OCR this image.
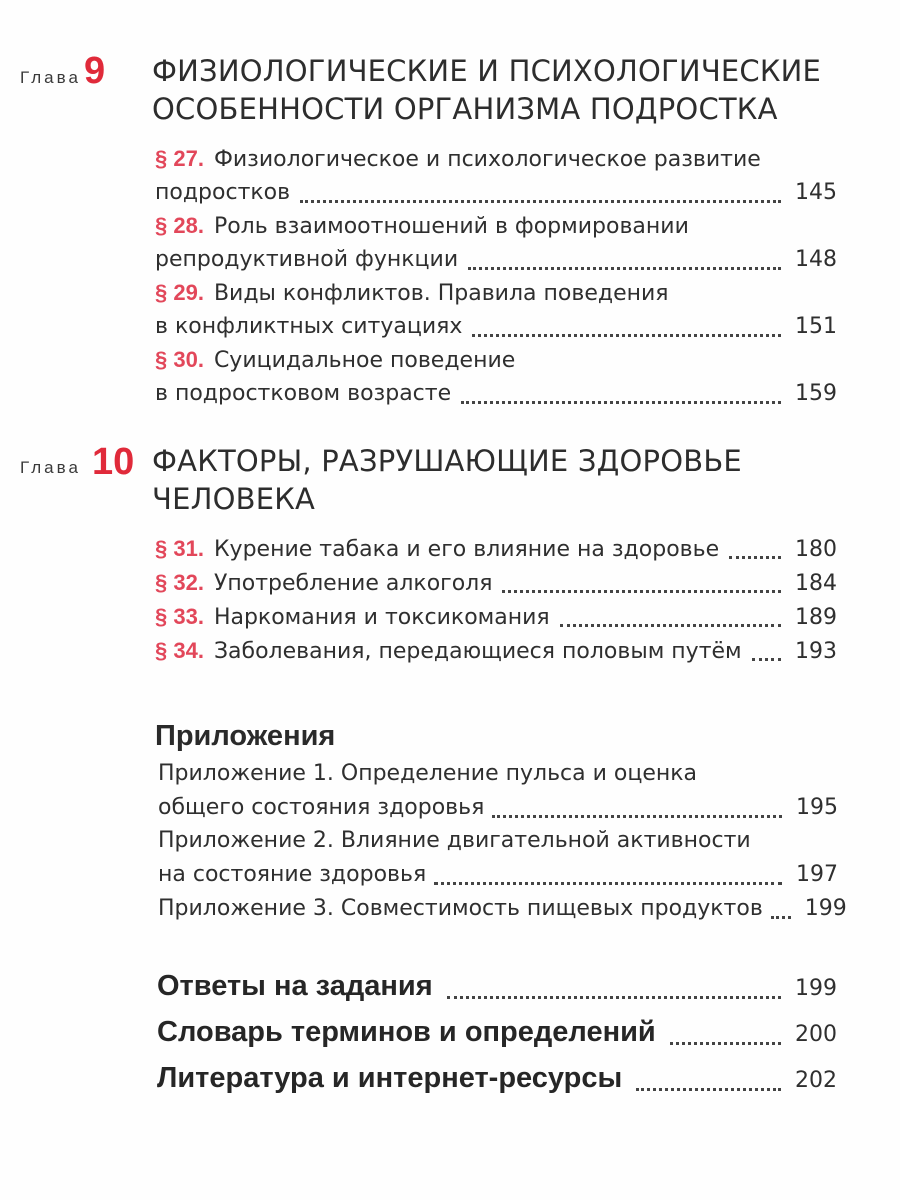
Глава 9 ФИЗИОЛОГИЧЕСКИЕ И ПСИХОЛОГИЧЕСКИЕ
ОСОБЕННОСТИ ОРГАНИЗМА ПОДРОСТКА
§ 27. Физиологическое и психологическое развитие
подростков	145
§ 28. Роль взаимоотношений в формировании
репродуктивной функции	148
§ 29. Виды конфликтов. Правила поведения
в конфликтных ситуациях	151
§ 30. Суицидальное поведение
в подростковом возрасте	159
Глава 10 ФАКТОРЫ, РАЗРУШАЮЩИЕ ЗДОРОВЬЕ
ЧЕЛОВЕКА
§ 31. Курение табака и его влияние на здоровье	180
§ 32. Употребление алкоголя	184
§ 33. Наркомания и токсикомания	189
§ 34. Заболевания, передающиеся половым путём 193
Приложения
Приложение 1. Определение пульса и оценка
общего состояния здоровья	195
Приложение 2. Влияние двигательной активности
на состояние здоровья	197
Приложение 3. Совместимость пищевых продуктов 199
Ответы на задания	199
Словарь терминов и определений	200
Литература и интернет-ресурсы	202
